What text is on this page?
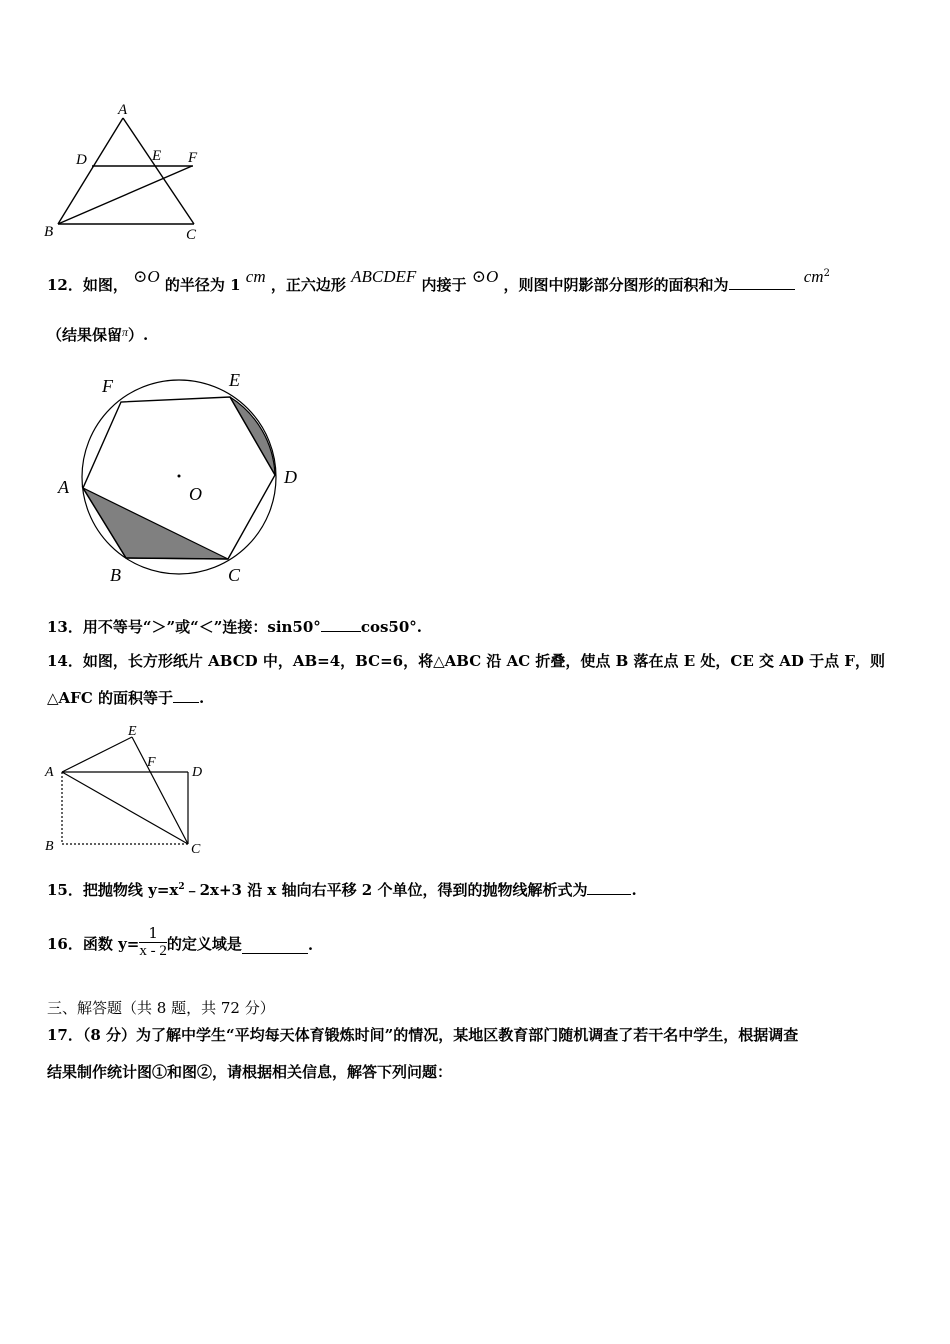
A
D	E F
B	C
12．如图， ⊙O 的半径为 1 cm ，正六边形 ABCDEF 内接于 ⊙O ，则图中阴影部分图形的面积和为	$cm^2$
（结果保留$^\pi$）.
F	E
D
A	O
B	C
13．用不等号“＞”或“＜”连接：sin50°	cos50°.
14．如图，长方形纸片 ABCD 中，AB=4，BC=6，将△ABC 沿 AC 折叠，使点 B 落在点 E 处，CE 交 AD 于点 F，则
△AFC 的面积等于 .
E
F
A	D
B	C
15．把抛物线 $y=x^2﹣2x+3$ 沿 x 轴向右平移 2 个单位，得到的抛物线解析式为	.
16．函数 $y= \frac{1}{x - 2}$ 的定义域是	.
三、解答题（共 8 题，共 72 分）
17．（8 分）为了解中学生“平均每天体育锻炼时间”的情况，某地区教育部门随机调查了若干名中学生，根据调查
结果制作统计图①和图②，请根据相关信息，解答下列问题：
